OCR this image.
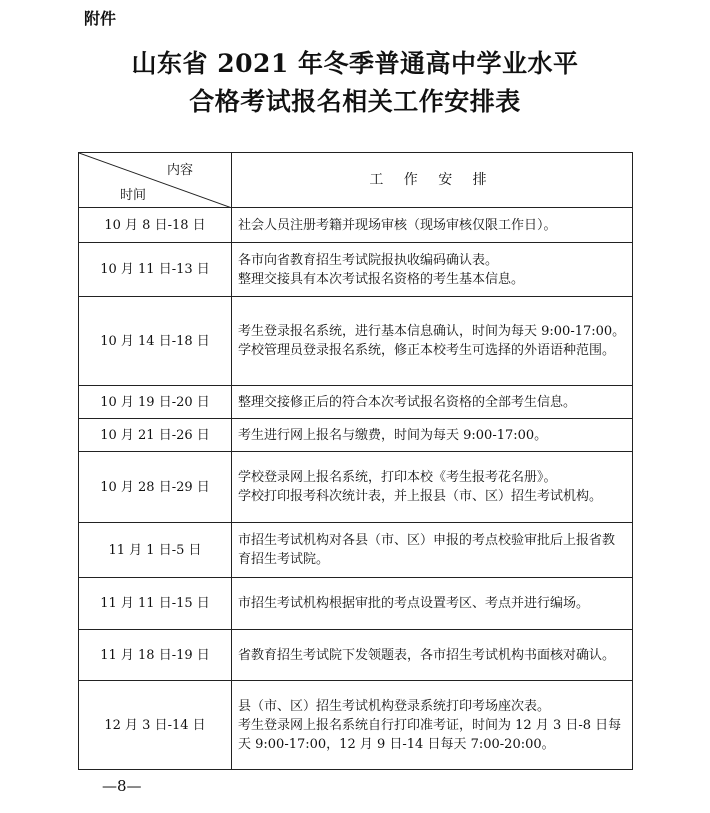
附件
山东省 2021 年冬季普通高中学业水平
合格考试报名相关工作安排表
内容
时间	工 作 安 排
10 月 8 日-18 日	社会人员注册考籍并现场审核（现场审核仅限工作日）。

10 月 11 日-13 日	各市向省教育招生考试院报执收编码确认表。

整理交接具有本次考试报名资格的考生基本信息。

10 月 14 日-18 日	考生登录报名系统，进行基本信息确认，时间为每天 9:00-17:00。

学校管理员登录报名系统，修正本校考生可选择的外语语种范围。

10 月 19 日-20 日	整理交接修正后的符合本次考试报名资格的全部考生信息。

10 月 21 日-26 日	考生进行网上报名与缴费，时间为每天 9:00-17:00。

10 月 28 日-29 日	学校登录网上报名系统，打印本校《考生报考花名册》。

学校打印报考科次统计表，并上报县（市、区）招生考试机构。

11 月 1 日-5 日	市招生考试机构对各县（市、区）申报的考点校验审批后上报省教育招生考试院。

11 月 11 日-15 日	市招生考试机构根据审批的考点设置考区、考点并进行编场。

11 月 18 日-19 日	省教育招生考试院下发领题表，各市招生考试机构书面核对确认。

12 月 3 日-14 日	县（市、区）招生考试机构登录系统打印考场座次表。

考生登录网上报名系统自行打印准考证，时间为 12 月 3 日-8 日每天 9:00-17:00，12 月 9 日-14 日每天 7:00-20:00。

—8—
